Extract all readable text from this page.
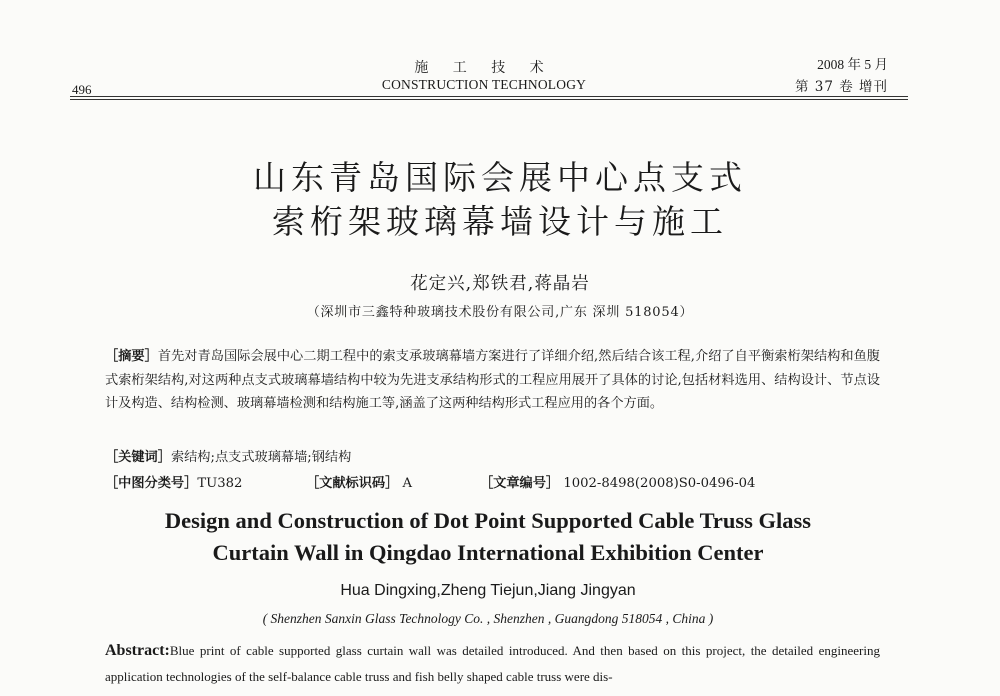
496
施 工 技 术
CONSTRUCTION TECHNOLOGY
2008 年 5 月
第 37 卷 增刊
山东青岛国际会展中心点支式
索桁架玻璃幕墙设计与施工
花定兴,郑铁君,蒋晶岩
（深圳市三鑫特种玻璃技术股份有限公司,广东 深圳 518054）
［摘要］首先对青岛国际会展中心二期工程中的索支承玻璃幕墙方案进行了详细介绍,然后结合该工程,介绍了自平衡索桁架结构和鱼腹式索桁架结构,对这两种点支式玻璃幕墙结构中较为先进支承结构形式的工程应用展开了具体的讨论,包括材料选用、结构设计、节点设计及构造、结构检测、玻璃幕墙检测和结构施工等,涵盖了这两种结构形式工程应用的各个方面。
［关键词］索结构;点支式玻璃幕墙;钢结构
［中图分类号］TU382	［文献标识码］ A	［文章编号］ 1002-8498(2008)S0-0496-04
Design and Construction of Dot Point Supported Cable Truss Glass
Curtain Wall in Qingdao International Exhibition Center
Hua Dingxing,Zheng Tiejun,Jiang Jingyan
( Shenzhen Sanxin Glass Technology Co. , Shenzhen , Guangdong 518054 , China )
Abstract:Blue print of cable supported glass curtain wall was detailed introduced. And then based on this project, the detailed engineering application technologies of the self-balance cable truss and fish belly shaped cable truss were dis-
